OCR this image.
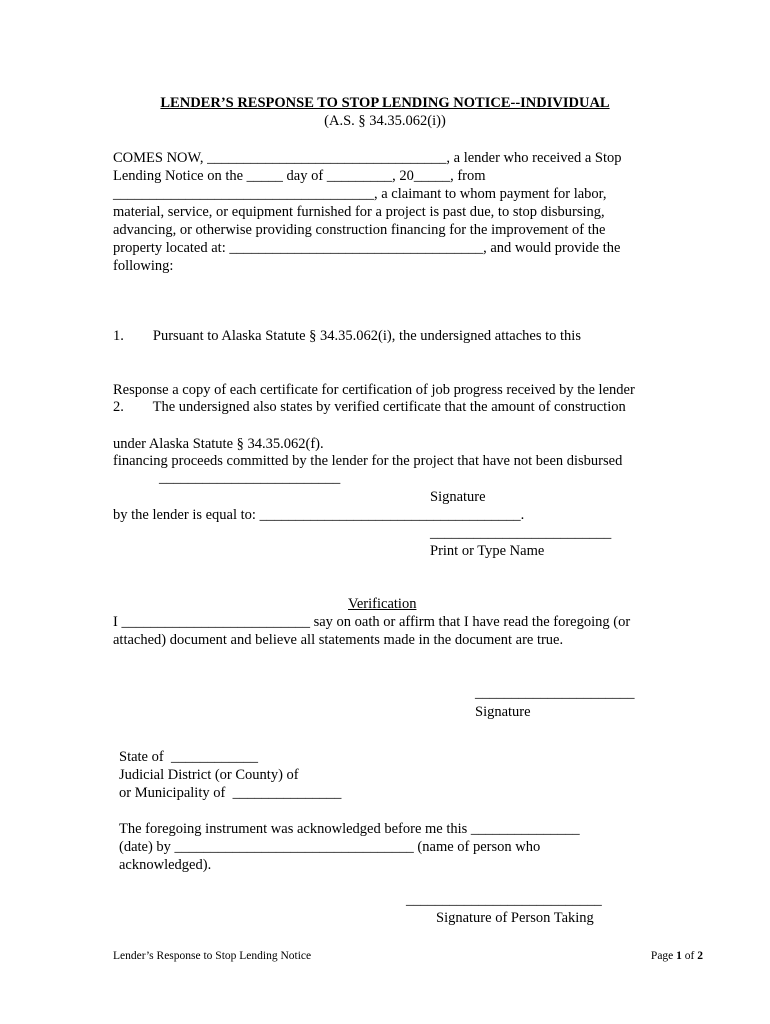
LENDER’S RESPONSE TO STOP LENDING NOTICE--INDIVIDUAL
(A.S. § 34.35.062(i))
COMES NOW, _________________________________, a lender who received a Stop
Lending Notice on the _____ day of _________, 20_____, from
____________________________________, a claimant to whom payment for labor,
material, service, or equipment furnished for a project is past due, to stop disbursing,
advancing, or otherwise providing construction financing for the improvement of the
property located at: ___________________________________, and would provide the
following:

1.        Pursuant to Alaska Statute § 34.35.062(i), the undersigned attaches to this

Response a copy of each certificate for certification of job progress received by the lender

under Alaska Statute § 34.35.062(f).

2.        The undersigned also states by verified certificate that the amount of construction

financing proceeds committed by the lender for the project that have not been disbursed

by the lender is equal to: ____________________________________.

_________________________
Signature
_________________________
Print or Type Name
Verification
I __________________________ say on oath or affirm that I have read the foregoing (or
attached) document and believe all statements made in the document are true.
______________________
Signature
State of  ____________
Judicial District (or County) of
or Municipality of  _______________
The foregoing instrument was acknowledged before me this _______________
(date) by _________________________________ (name of person who
acknowledged).
___________________________
Signature of Person Taking
Lender’s Response to Stop Lending Notice	Page 1 of 2
